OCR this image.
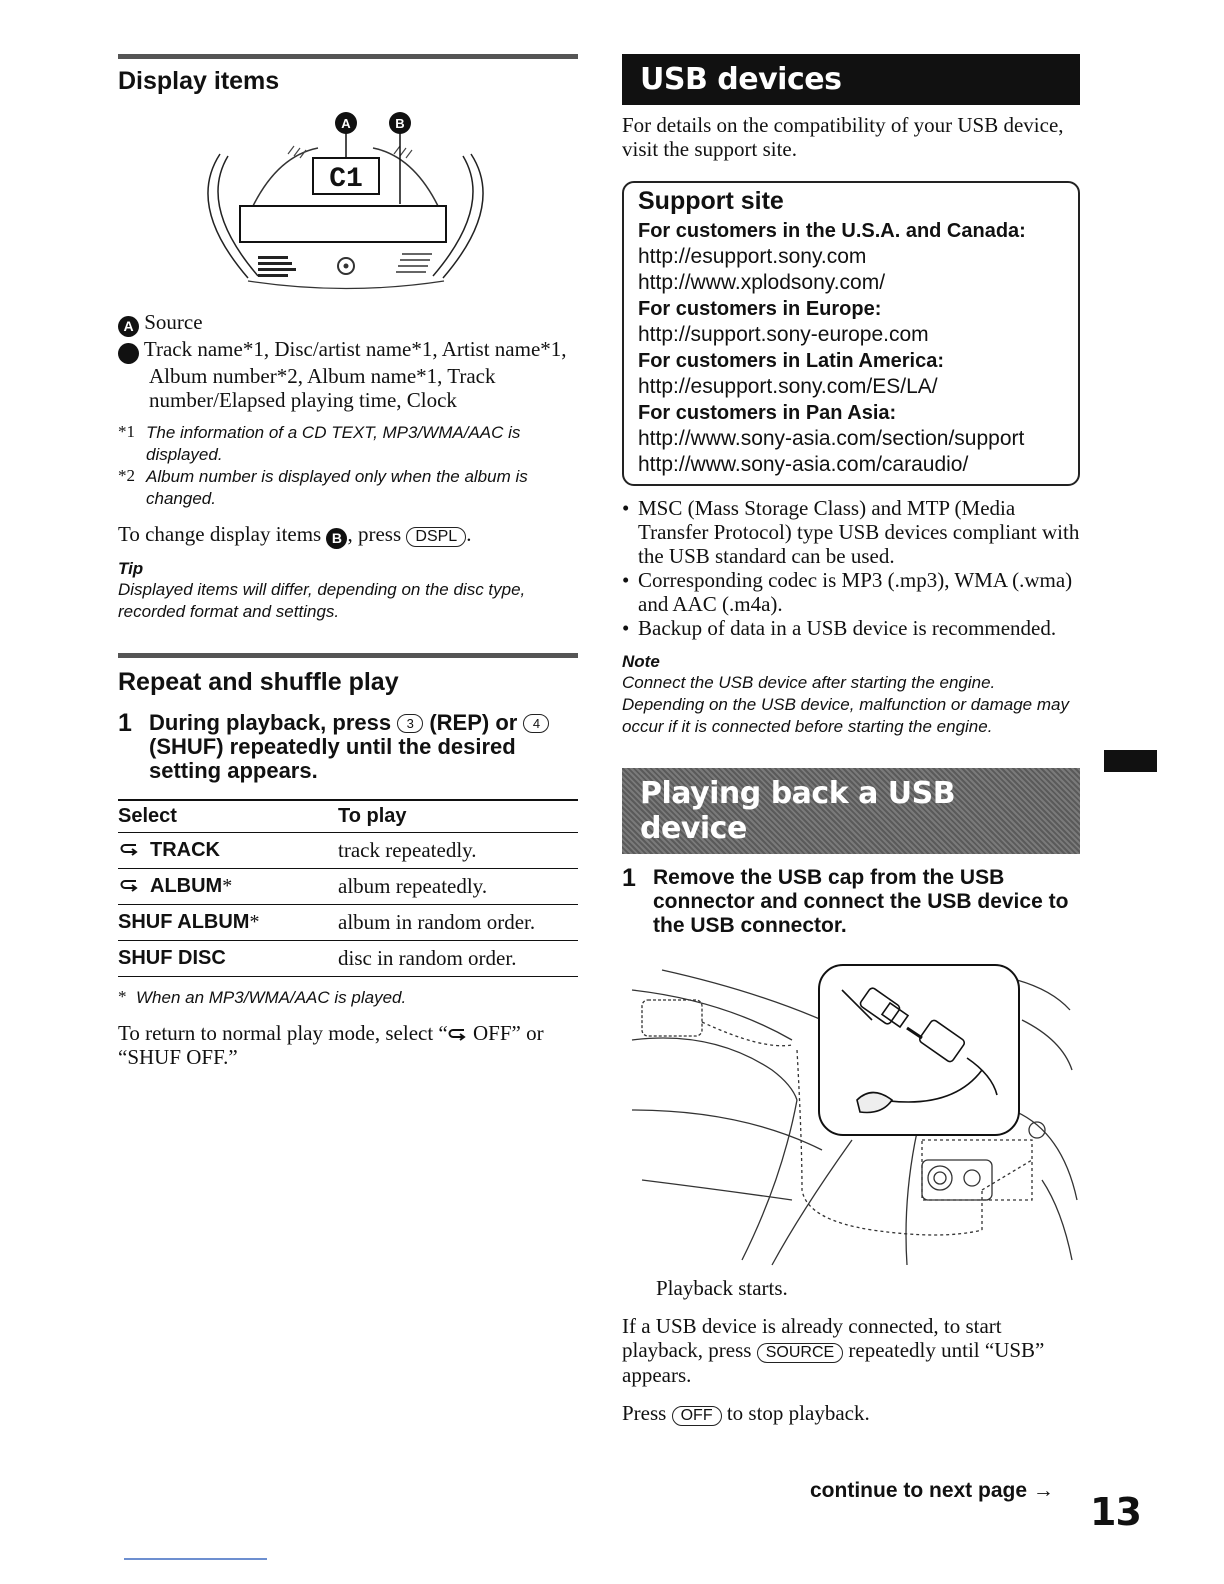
Display items
C1
A	B
A Source
B Track name*1, Disc/artist name*1, Artist name*1, Album number*2, Album name*1, Track number/Elapsed playing time, Clock
*1 The information of a CD TEXT, MP3/WMA/AAC is displayed.
*2 Album number is displayed only when the album is changed.
To change display items B , press DSPL .
Tip
Displayed items will differ, depending on the disc type, recorded format and settings.
Repeat and shuffle play
1 During playback, press 3 (REP) or 4 (SHUF) repeatedly until the desired setting appears.
Select	To play
TRACK	track repeatedly.
ALBUM*	album repeatedly.
SHUF ALBUM*	album in random order.
SHUF DISC	disc in random order.
* When an MP3/WMA/AAC is played.
To return to normal play mode, select “ OFF” or “SHUF OFF.”
USB devices
For details on the compatibility of your USB device, visit the support site.
Support site
For customers in the U.S.A. and Canada:
http://esupport.sony.com
http://www.xplodsony.com/
For customers in Europe:
http://support.sony-europe.com
For customers in Latin America:
http://esupport.sony.com/ES/LA/
For customers in Pan Asia:
http://www.sony-asia.com/section/support
http://www.sony-asia.com/caraudio/
• MSC (Mass Storage Class) and MTP (Media Transfer Protocol) type USB devices compliant with the USB standard can be used.
• Corresponding codec is MP3 (.mp3), WMA (.wma) and AAC (.m4a).
• Backup of data in a USB device is recommended.
Note
Connect the USB device after starting the engine. Depending on the USB device, malfunction or damage may occur if it is connected before starting the engine.
Playing back a USB device
1 Remove the USB cap from the USB connector and connect the USB device to the USB connector.
Playback starts.
If a USB device is already connected, to start playback, press SOURCE repeatedly until “USB” appears.
Press OFF to stop playback.
continue to next page → 13
